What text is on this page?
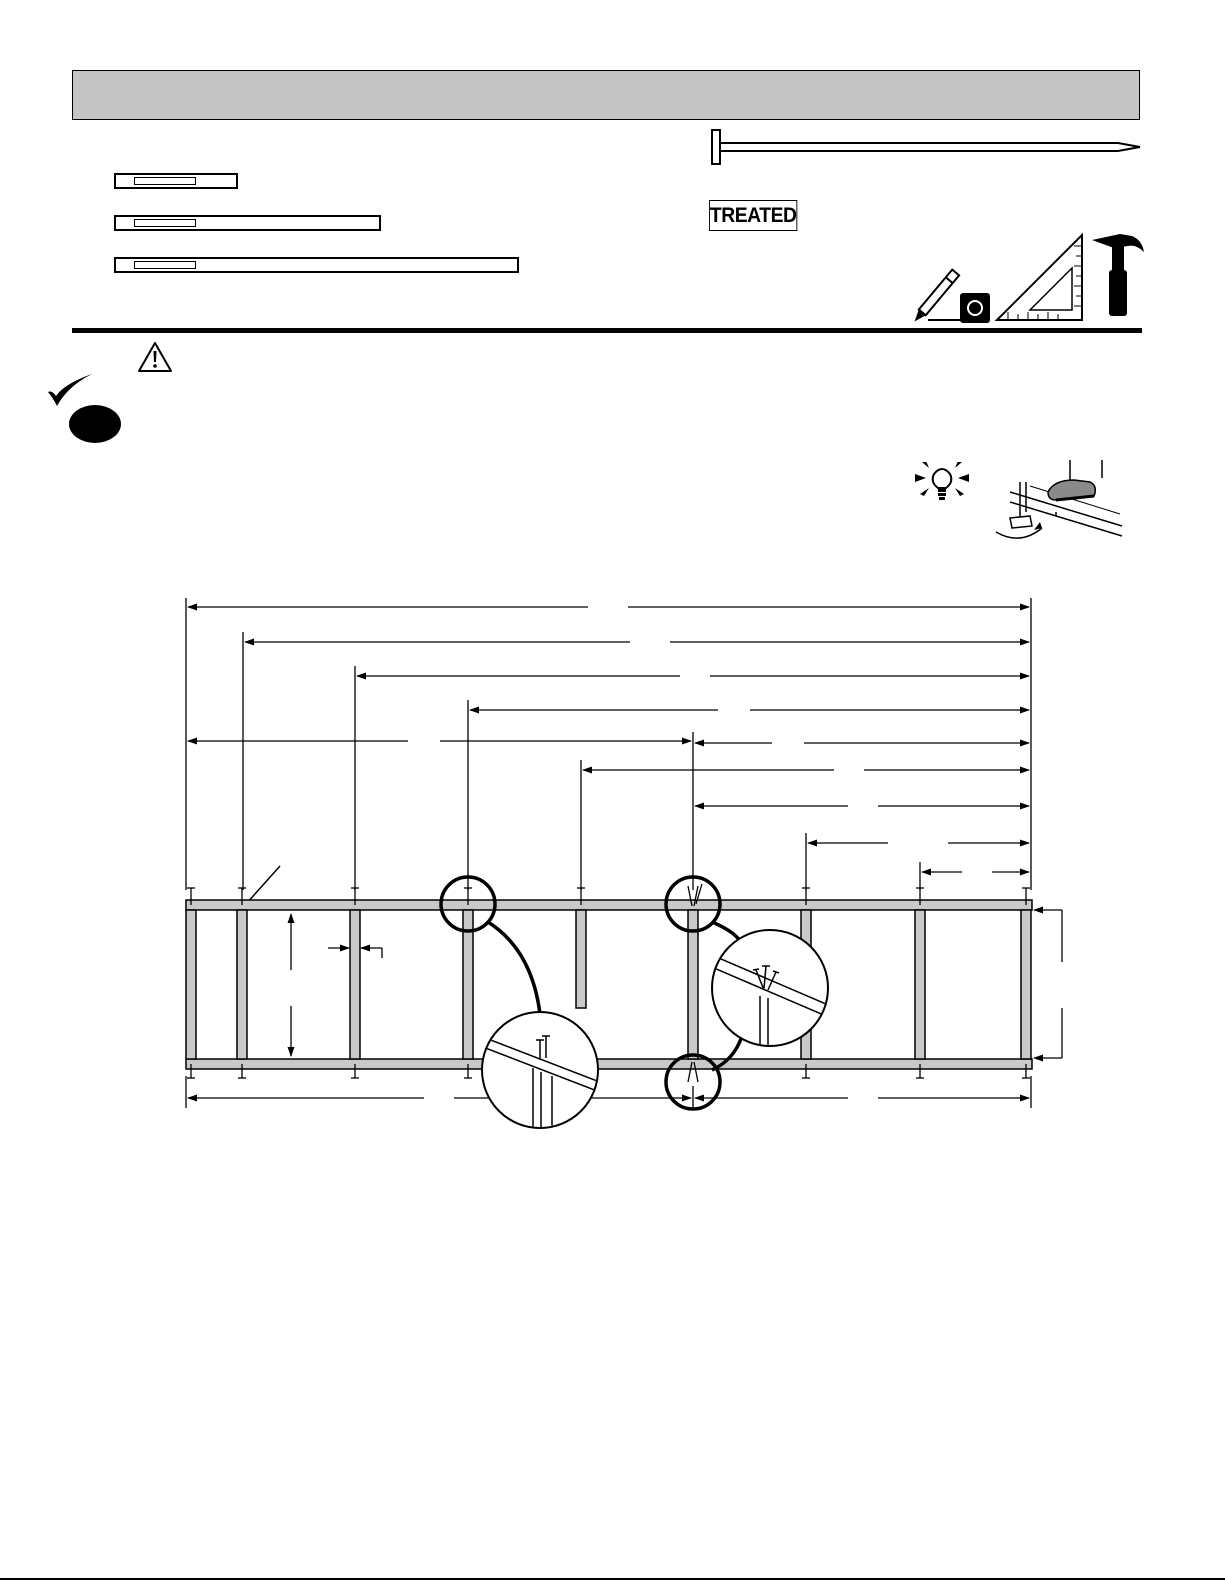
TREATED
